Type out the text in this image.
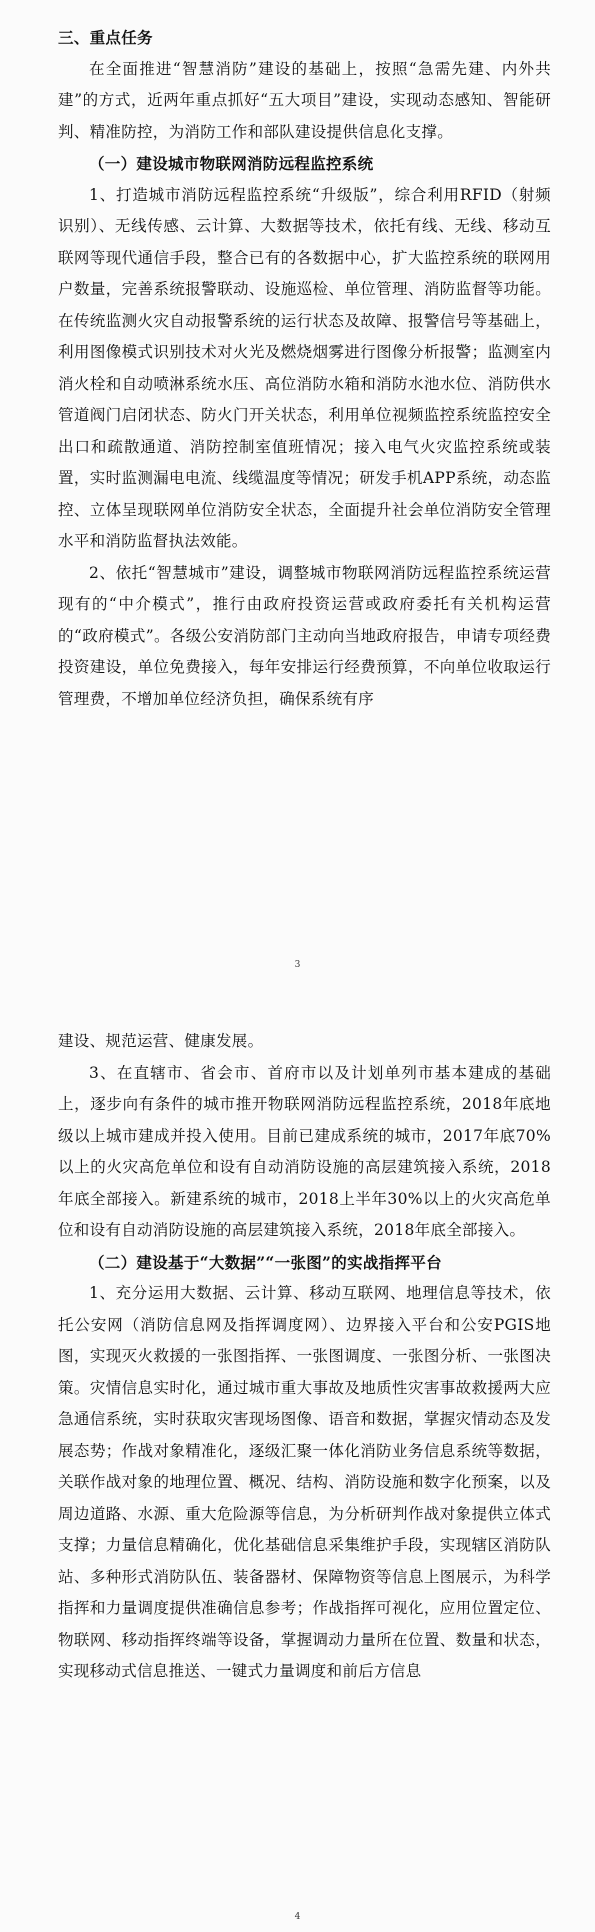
三、重点任务

在全面推进“智慧消防”建设的基础上，按照“急需先建、内外共建”的方式，近两年重点抓好“五大项目”建设，实现动态感知、智能研判、精准防控，为消防工作和部队建设提供信息化支撑。

（一）建设城市物联网消防远程监控系统

1、打造城市消防远程监控系统“升级版”，综合利用RFID（射频识别）、无线传感、云计算、大数据等技术，依托有线、无线、移动互联网等现代通信手段，整合已有的各数据中心，扩大监控系统的联网用户数量，完善系统报警联动、设施巡检、单位管理、消防监督等功能。在传统监测火灾自动报警系统的运行状态及故障、报警信号等基础上，利用图像模式识别技术对火光及燃烧烟雾进行图像分析报警；监测室内消火栓和自动喷淋系统水压、高位消防水箱和消防水池水位、消防供水管道阀门启闭状态、防火门开关状态，利用单位视频监控系统监控安全出口和疏散通道、消防控制室值班情况；接入电气火灾监控系统或装置，实时监测漏电电流、线缆温度等情况；研发手机APP系统，动态监控、立体呈现联网单位消防安全状态，全面提升社会单位消防安全管理水平和消防监督执法效能。

2、依托“智慧城市”建设，调整城市物联网消防远程监控系统运营现有的“中介模式”，推行由政府投资运营或政府委托有关机构运营的“政府模式”。各级公安消防部门主动向当地政府报告，申请专项经费投资建设，单位免费接入，每年安排运行经费预算，不向单位收取运行管理费，不增加单位经济负担，确保系统有序

3

建设、规范运营、健康发展。

3、在直辖市、省会市、首府市以及计划单列市基本建成的基础上，逐步向有条件的城市推开物联网消防远程监控系统，2018年底地级以上城市建成并投入使用。目前已建成系统的城市，2017年底70%以上的火灾高危单位和设有自动消防设施的高层建筑接入系统，2018年底全部接入。新建系统的城市，2018上半年30%以上的火灾高危单位和设有自动消防设施的高层建筑接入系统，2018年底全部接入。

（二）建设基于“大数据”“一张图”的实战指挥平台

1、充分运用大数据、云计算、移动互联网、地理信息等技术，依托公安网（消防信息网及指挥调度网）、边界接入平台和公安PGIS地图，实现灭火救援的一张图指挥、一张图调度、一张图分析、一张图决策。灾情信息实时化，通过城市重大事故及地质性灾害事故救援两大应急通信系统，实时获取灾害现场图像、语音和数据，掌握灾情动态及发展态势；作战对象精准化，逐级汇聚一体化消防业务信息系统等数据，关联作战对象的地理位置、概况、结构、消防设施和数字化预案，以及周边道路、水源、重大危险源等信息，为分析研判作战对象提供立体式支撑；力量信息精确化，优化基础信息采集维护手段，实现辖区消防队站、多种形式消防队伍、装备器材、保障物资等信息上图展示，为科学指挥和力量调度提供准确信息参考；作战指挥可视化，应用位置定位、物联网、移动指挥终端等设备，掌握调动力量所在位置、数量和状态，实现移动式信息推送、一键式力量调度和前后方信息

4
